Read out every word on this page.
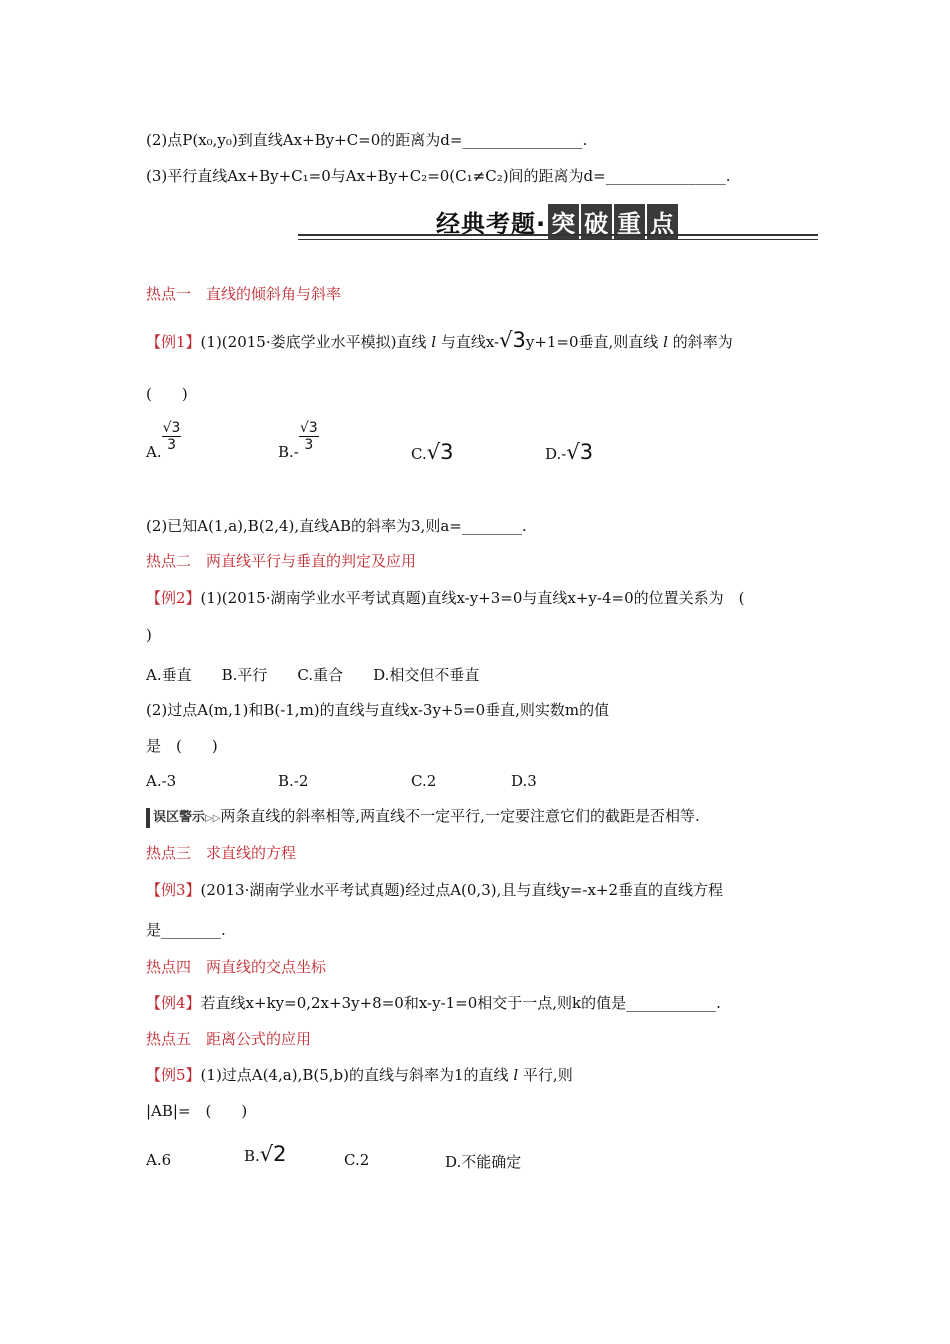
(2)点P(x₀,y₀)到直线Ax+By+C=0的距离为d=________________.
(3)平行直线Ax+By+C₁=0与Ax+By+C₂=0(C₁≠C₂)间的距离为d=________________.
经典考题· 突 破 重 点
热点一　直线的倾斜角与斜率
【例1】(1)(2015·娄底学业水平模拟)直线 l 与直线x-√3y+1=0垂直,则直线 l 的斜率为
(　　)
A. $\frac{√3}{3}$	$B.- \frac{√3}{3}$
C.√3	D.-√3
(2)已知A(1,a),B(2,4),直线AB的斜率为3,则a=________.
热点二　两直线平行与垂直的判定及应用
【例2】(1)(2015·湖南学业水平考试真题)直线x-y+3=0与直线x+y-4=0的位置关系为　(
)
A.垂直　　B.平行　　C.重合　　D.相交但不垂直
(2)过点A(m,1)和B(-1,m)的直线与直线x-3y+5=0垂直,则实数m的值
是　(　　)
A.-3	B.-2	C.2	D.3
误区警示▷▷两条直线的斜率相等,两直线不一定平行,一定要注意它们的截距是否相等.
热点三　求直线的方程
【例3】(2013·湖南学业水平考试真题)经过点A(0,3),且与直线y=-x+2垂直的直线方程
是________.
热点四　两直线的交点坐标
【例4】若直线x+ky=0,2x+3y+8=0和x-y-1=0相交于一点,则k的值是____________.
热点五　距离公式的应用
【例5】(1)过点A(4,a),B(5,b)的直线与斜率为1的直线 l 平行,则
|AB|=　(　　)
A.6	B.√2	C.2	D.不能确定
